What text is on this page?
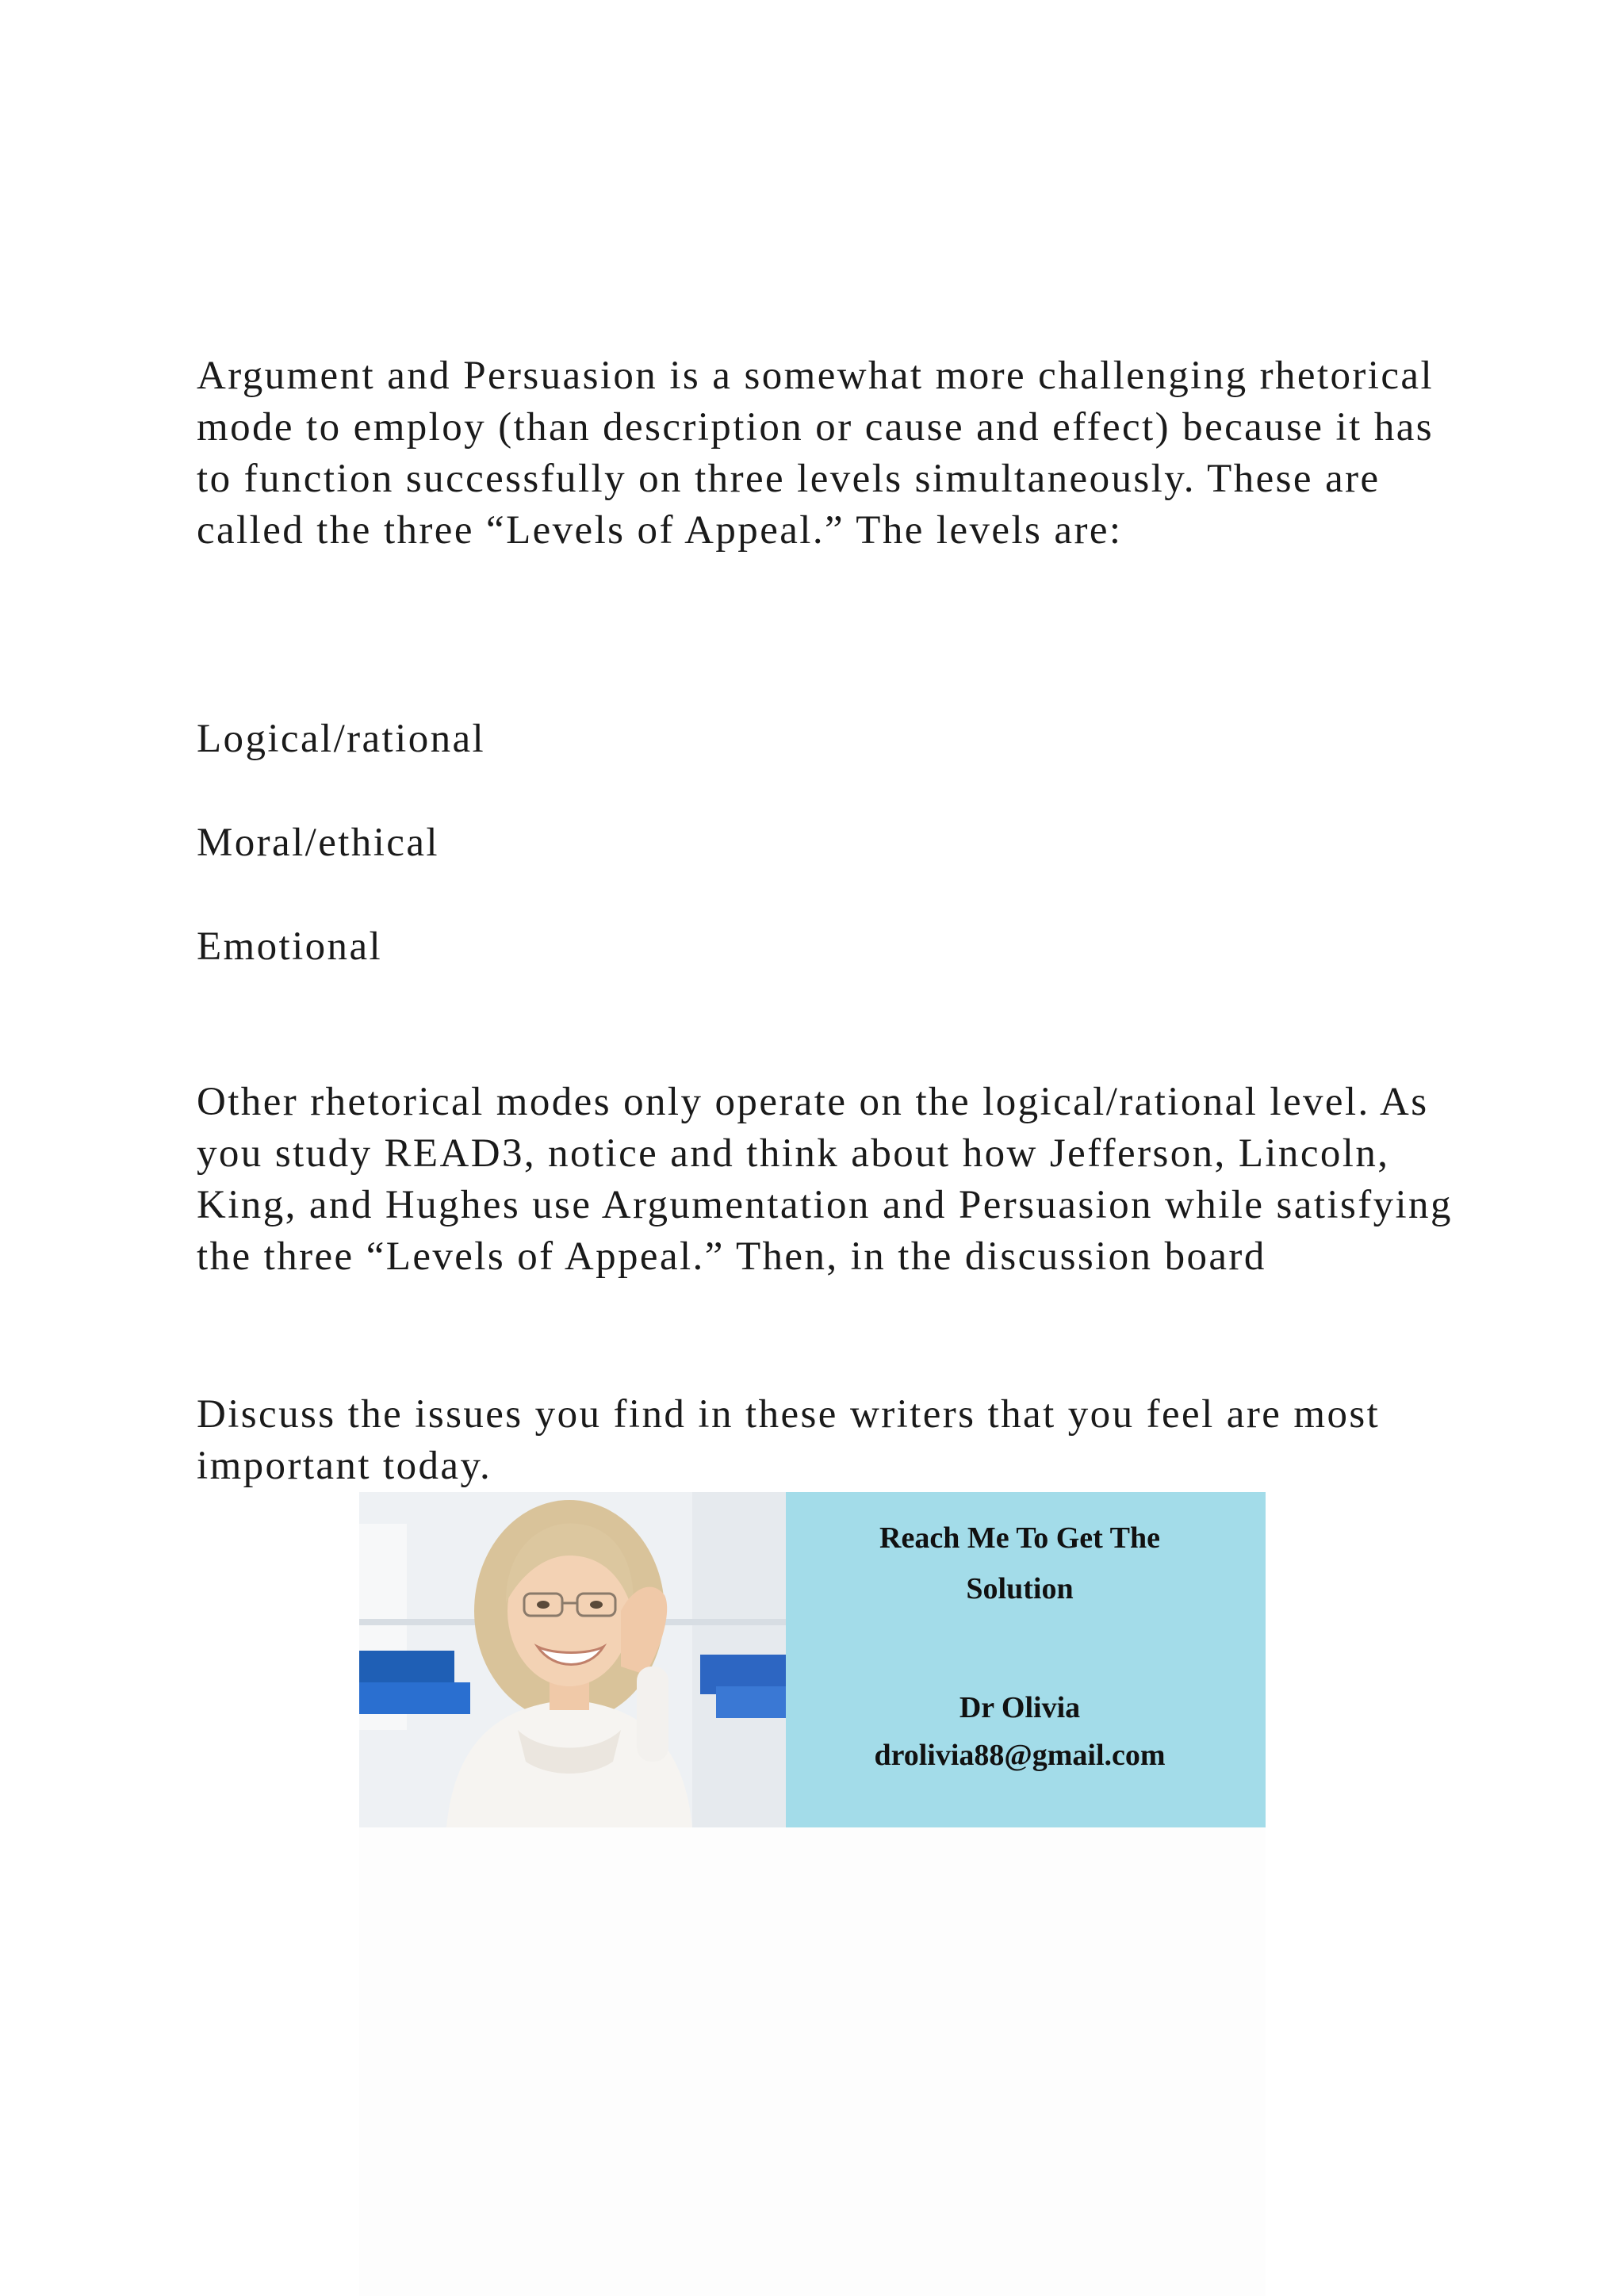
Argument and Persuasion is a somewhat more challenging rhetorical mode to employ (than description or cause and effect) because it has to function successfully on three levels simultaneously. These are called the three “Levels of Appeal.” The levels are:

Logical/rational

Moral/ethical

Emotional

Other rhetorical modes only operate on the logical/rational level. As you study READ3, notice and think about how Jefferson, Lincoln, King, and Hughes use Argumentation and Persuasion while satisfying the three “Levels of Appeal.” Then, in the discussion board

Discuss the issues you find in these writers that you feel are most important today.

Reach Me To Get The
Solution
Dr Olivia
drolivia88@gmail.com
